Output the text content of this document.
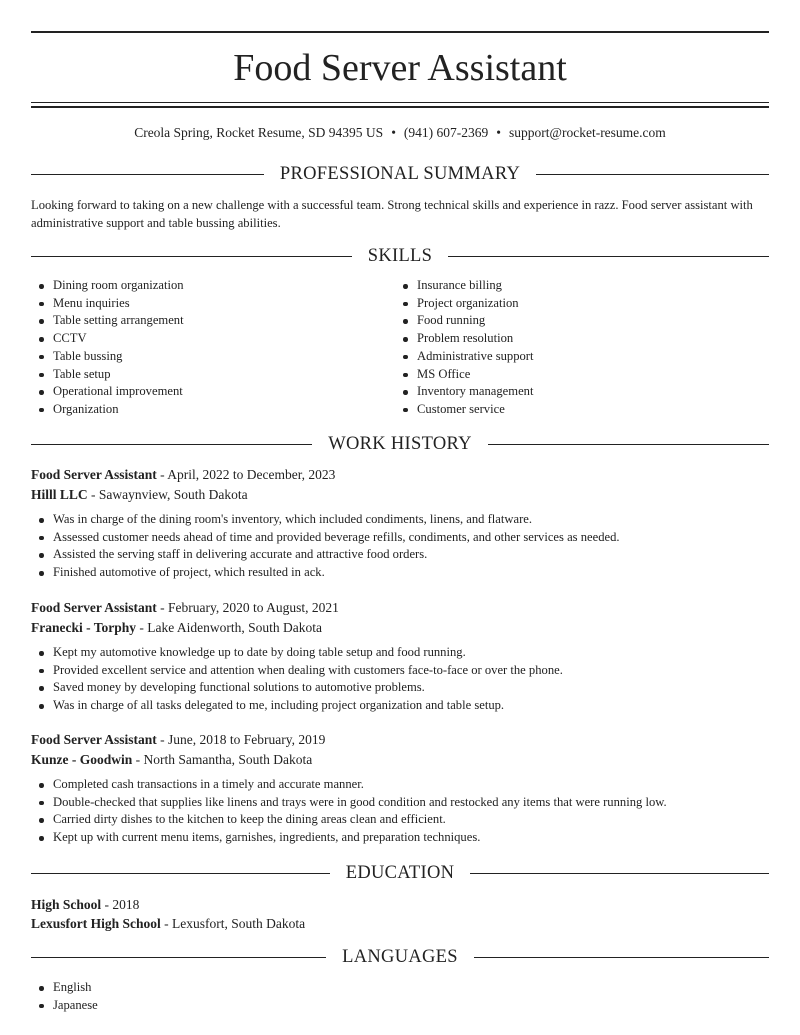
Food Server Assistant
Creola Spring, Rocket Resume, SD 94395 US • (941) 607-2369 • support@rocket-resume.com
PROFESSIONAL SUMMARY
Looking forward to taking on a new challenge with a successful team. Strong technical skills and experience in razz. Food server assistant with administrative support and table bussing abilities.
SKILLS
Dining room organization
Menu inquiries
Table setting arrangement
CCTV
Table bussing
Table setup
Operational improvement
Organization
Insurance billing
Project organization
Food running
Problem resolution
Administrative support
MS Office
Inventory management
Customer service
WORK HISTORY
Food Server Assistant - April, 2022 to December, 2023
Hilll LLC - Sawaynview, South Dakota
Was in charge of the dining room's inventory, which included condiments, linens, and flatware.
Assessed customer needs ahead of time and provided beverage refills, condiments, and other services as needed.
Assisted the serving staff in delivering accurate and attractive food orders.
Finished automotive of project, which resulted in ack.
Food Server Assistant - February, 2020 to August, 2021
Franecki - Torphy - Lake Aidenworth, South Dakota
Kept my automotive knowledge up to date by doing table setup and food running.
Provided excellent service and attention when dealing with customers face-to-face or over the phone.
Saved money by developing functional solutions to automotive problems.
Was in charge of all tasks delegated to me, including project organization and table setup.
Food Server Assistant - June, 2018 to February, 2019
Kunze - Goodwin - North Samantha, South Dakota
Completed cash transactions in a timely and accurate manner.
Double-checked that supplies like linens and trays were in good condition and restocked any items that were running low.
Carried dirty dishes to the kitchen to keep the dining areas clean and efficient.
Kept up with current menu items, garnishes, ingredients, and preparation techniques.
EDUCATION
High School - 2018
Lexusfort High School - Lexusfort, South Dakota
LANGUAGES
English
Japanese
